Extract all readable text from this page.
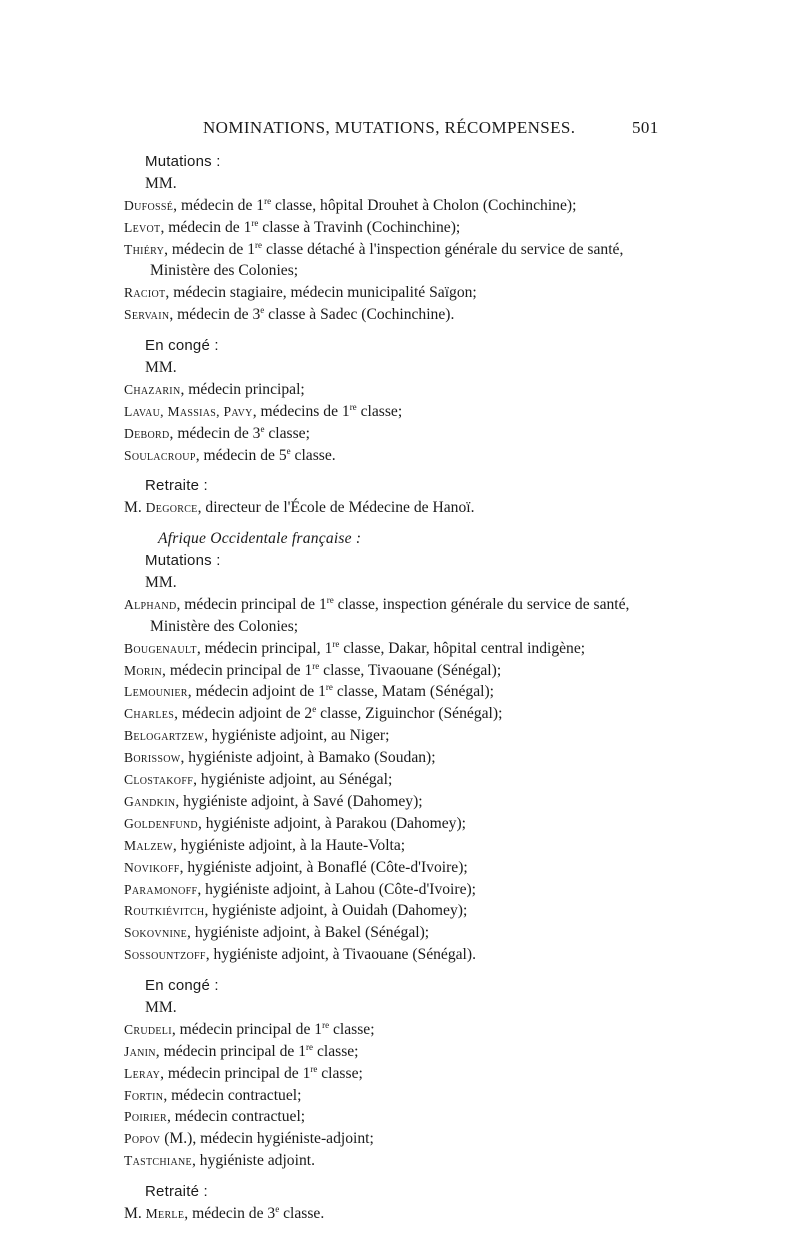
NOMINATIONS, MUTATIONS, RÉCOMPENSES.	501
Mutations :
MM.
Dufossé, médecin de 1re classe, hôpital Drouhet à Cholon (Cochinchine);
Levot, médecin de 1re classe à Travinh (Cochinchine);
Thiéry, médecin de 1re classe détaché à l'inspection générale du service de santé,
Ministère des Colonies;
Raciot, médecin stagiaire, médecin municipalité Saïgon;
Servain, médecin de 3e classe à Sadec (Cochinchine).
En congé :
MM.
Chazarin, médecin principal;
Lavau, Massias, Pavy, médecins de 1re classe;
Debord, médecin de 3e classe;
Soulacroup, médecin de 5e classe.
Retraite :
M. Degorce, directeur de l'École de Médecine de Hanoï.
Afrique Occidentale française :
Mutations :
MM.
Alphand, médecin principal de 1re classe, inspection générale du service de santé,
Ministère des Colonies;
Bougenault, médecin principal, 1re classe, Dakar, hôpital central indigène;
Morin, médecin principal de 1re classe, Tivaouane (Sénégal);
Lemounier, médecin adjoint de 1re classe, Matam (Sénégal);
Charles, médecin adjoint de 2e classe, Ziguinchor (Sénégal);
Belogartzew, hygiéniste adjoint, au Niger;
Borissow, hygiéniste adjoint, à Bamako (Soudan);
Clostakoff, hygiéniste adjoint, au Sénégal;
Gandkin, hygiéniste adjoint, à Savé (Dahomey);
Goldenfund, hygiéniste adjoint, à Parakou (Dahomey);
Malzew, hygiéniste adjoint, à la Haute-Volta;
Novikoff, hygiéniste adjoint, à Bonaflé (Côte-d'Ivoire);
Paramonoff, hygiéniste adjoint, à Lahou (Côte-d'Ivoire);
Routkiévitch, hygiéniste adjoint, à Ouidah (Dahomey);
Sokovnine, hygiéniste adjoint, à Bakel (Sénégal);
Sossountzoff, hygiéniste adjoint, à Tivaouane (Sénégal).
En congé :
MM.
Crudeli, médecin principal de 1re classe;
Janin, médecin principal de 1re classe;
Leray, médecin principal de 1re classe;
Fortin, médecin contractuel;
Poirier, médecin contractuel;
Popov (M.), médecin hygiéniste-adjoint;
Tastchiane, hygiéniste adjoint.
Retraité :
M. Merle, médecin de 3e classe.
